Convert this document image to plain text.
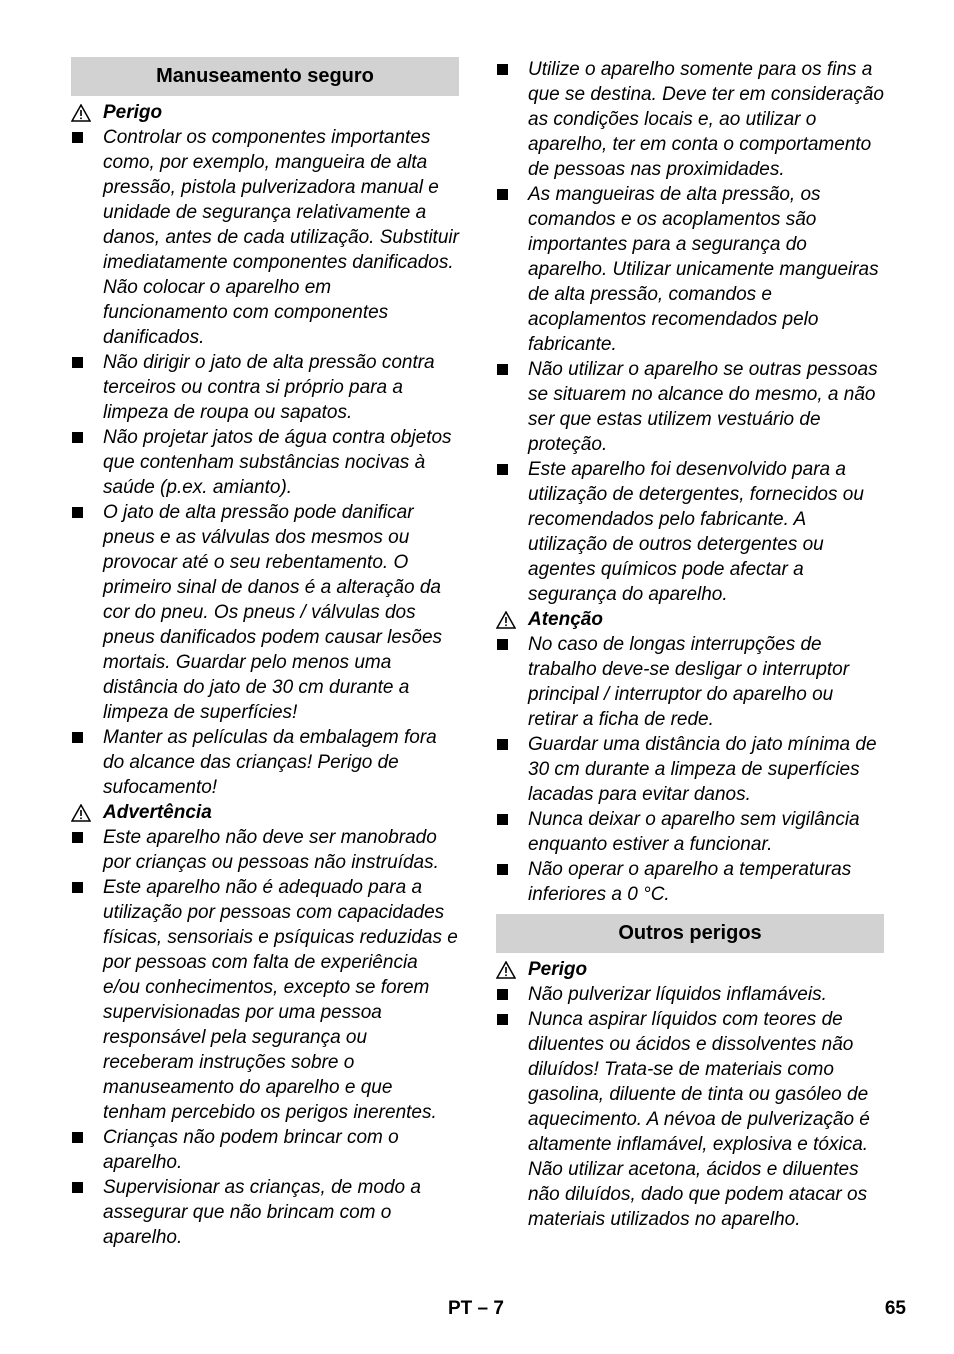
Manuseamento seguro
Perigo
Controlar os componentes importantes como, por exemplo, mangueira de alta pressão, pistola pulverizadora manual e unidade de segurança relativamente a danos, antes de cada utilização. Substituir imediatamente componentes danificados. Não colocar o aparelho em funcionamento com componentes danificados.
Não dirigir o jato de alta pressão contra terceiros ou contra si próprio para a limpeza de roupa ou sapatos.
Não projetar jatos de água contra objetos que contenham substâncias nocivas à saúde (p.ex. amianto).
O jato de alta pressão pode danificar pneus e as válvulas dos mesmos ou provocar até o seu rebentamento. O primeiro sinal de danos é a alteração da cor do pneu. Os pneus / válvulas dos pneus danificados podem causar lesões mortais. Guardar pelo menos uma distância do jato de 30 cm durante a limpeza de superfícies!
Manter as películas da embalagem fora do alcance das crianças! Perigo de sufocamento!
Advertência
Este aparelho não deve ser manobrado por crianças ou pessoas não instruídas.
Este aparelho não é adequado para a utilização por pessoas com capacidades físicas, sensoriais e psíquicas reduzidas e por pessoas com falta de experiência e/ou conhecimentos, excepto se forem supervisionadas por uma pessoa responsável pela segurança ou receberam instruções sobre o manuseamento do aparelho e que tenham percebido os perigos inerentes.
Crianças não podem brincar com o aparelho.
Supervisionar as crianças, de modo a assegurar que não brincam com o aparelho.
Utilize o aparelho somente para os fins a que se destina. Deve ter em consideração as condições locais e, ao utilizar o aparelho, ter em conta o comportamento de pessoas nas proximidades.
As mangueiras de alta pressão, os comandos e os acoplamentos são importantes para a segurança do aparelho. Utilizar unicamente mangueiras de alta pressão, comandos e acoplamentos recomendados pelo fabricante.
Não utilizar o aparelho se outras pessoas se situarem no alcance do mesmo, a não ser que estas utilizem vestuário de proteção.
Este aparelho foi desenvolvido para a utilização de detergentes, fornecidos ou recomendados pelo fabricante. A utilização de outros detergentes ou agentes químicos pode afectar a segurança do aparelho.
Atenção
No caso de longas interrupções de trabalho deve-se desligar o interruptor principal / interruptor do aparelho ou retirar a ficha de rede.
Guardar uma distância do jato mínima de 30 cm durante a limpeza de superfícies lacadas para evitar danos.
Nunca deixar o aparelho sem vigilância enquanto estiver a funcionar.
Não operar o aparelho a temperaturas inferiores a 0 °C.
Outros perigos
Perigo
Não pulverizar líquidos inflamáveis.
Nunca aspirar líquidos com teores de diluentes ou ácidos e dissolventes não diluídos! Trata-se de materiais como gasolina, diluente de tinta ou gasóleo de aquecimento. A névoa de pulverização é altamente inflamável, explosiva e tóxica. Não utilizar acetona, ácidos e diluentes não diluídos, dado que podem atacar os materiais utilizados no aparelho.
PT – 7	65
